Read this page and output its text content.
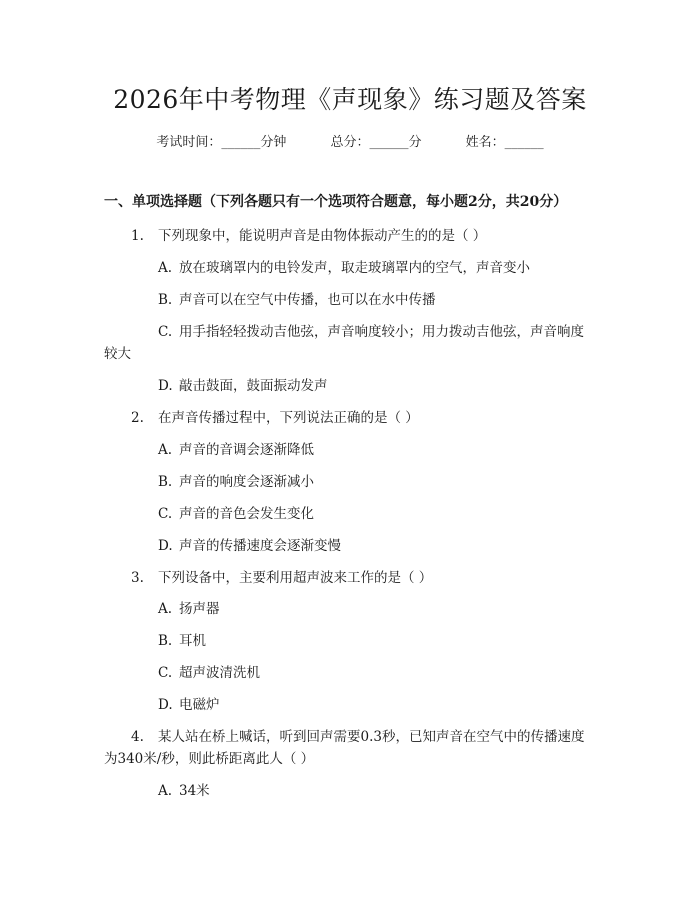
2026年中考物理《声现象》练习题及答案
考试时间：______分钟	总分：______分	姓名：______
一、单项选择题（下列各题只有一个选项符合题意，每小题2分，共20分）
1. 下列现象中，能说明声音是由物体振动产生的的是（ ）
A. 放在玻璃罩内的电铃发声，取走玻璃罩内的空气，声音变小
B. 声音可以在空气中传播，也可以在水中传播
C. 用手指轻轻拨动吉他弦，声音响度较小；用力拨动吉他弦，声音响度
较大
D. 敲击鼓面，鼓面振动发声
2. 在声音传播过程中，下列说法正确的是（ ）
A. 声音的音调会逐渐降低
B. 声音的响度会逐渐减小
C. 声音的音色会发生变化
D. 声音的传播速度会逐渐变慢
3. 下列设备中，主要利用超声波来工作的是（ ）
A. 扬声器
B. 耳机
C. 超声波清洗机
D. 电磁炉
4. 某人站在桥上喊话，听到回声需要0.3秒，已知声音在空气中的传播速度
为340米/秒，则此桥距离此人（ ）
A. 34米
